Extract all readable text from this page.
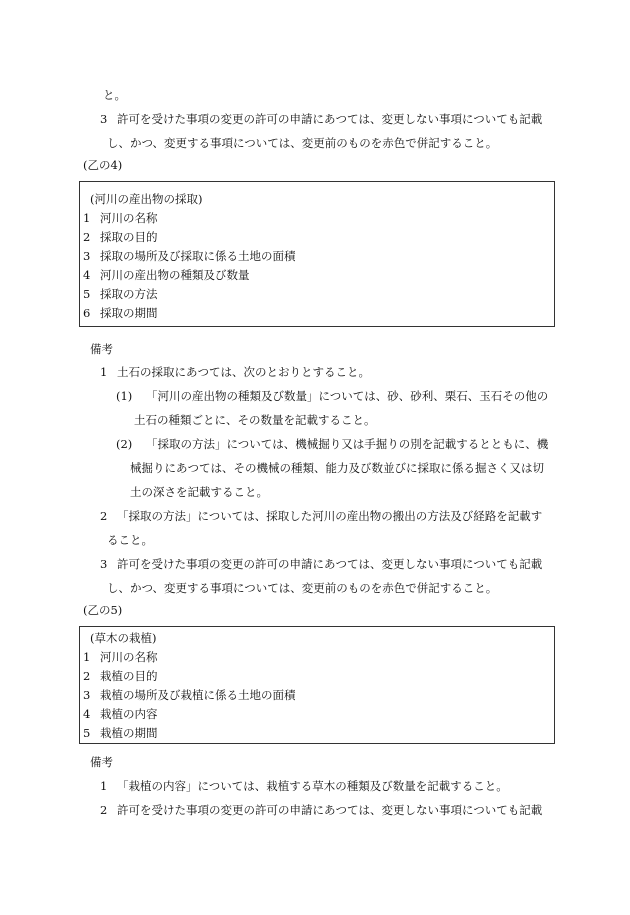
と。
3 許可を受けた事項の変更の許可の申請にあつては、変更しない事項についても記載
し、かつ、変更する事項については、変更前のものを赤色で併記すること。
(乙の4)
(河川の産出物の採取)
1 河川の名称
2 採取の目的
3 採取の場所及び採取に係る土地の面積
4 河川の産出物の種類及び数量
5 採取の方法
6 採取の期間
備考
1 土石の採取にあつては、次のとおりとすること。
(1) 「河川の産出物の種類及び数量」については、砂、砂利、栗石、玉石その他の
土石の種類ごとに、その数量を記載すること。
(2) 「採取の方法」については、機械掘り又は手掘りの別を記載するとともに、機
械掘りにあつては、その機械の種類、能力及び数並びに採取に係る掘さく又は切
土の深さを記載すること。
2 「採取の方法」については、採取した河川の産出物の搬出の方法及び経路を記載す
ること。
3 許可を受けた事項の変更の許可の申請にあつては、変更しない事項についても記載
し、かつ、変更する事項については、変更前のものを赤色で併記すること。
(乙の5)
(草木の栽植)
1 河川の名称
2 栽植の目的
3 栽植の場所及び栽植に係る土地の面積
4 栽植の内容
5 栽植の期間
備考
1 「栽植の内容」については、栽植する草木の種類及び数量を記載すること。
2 許可を受けた事項の変更の許可の申請にあつては、変更しない事項についても記載
